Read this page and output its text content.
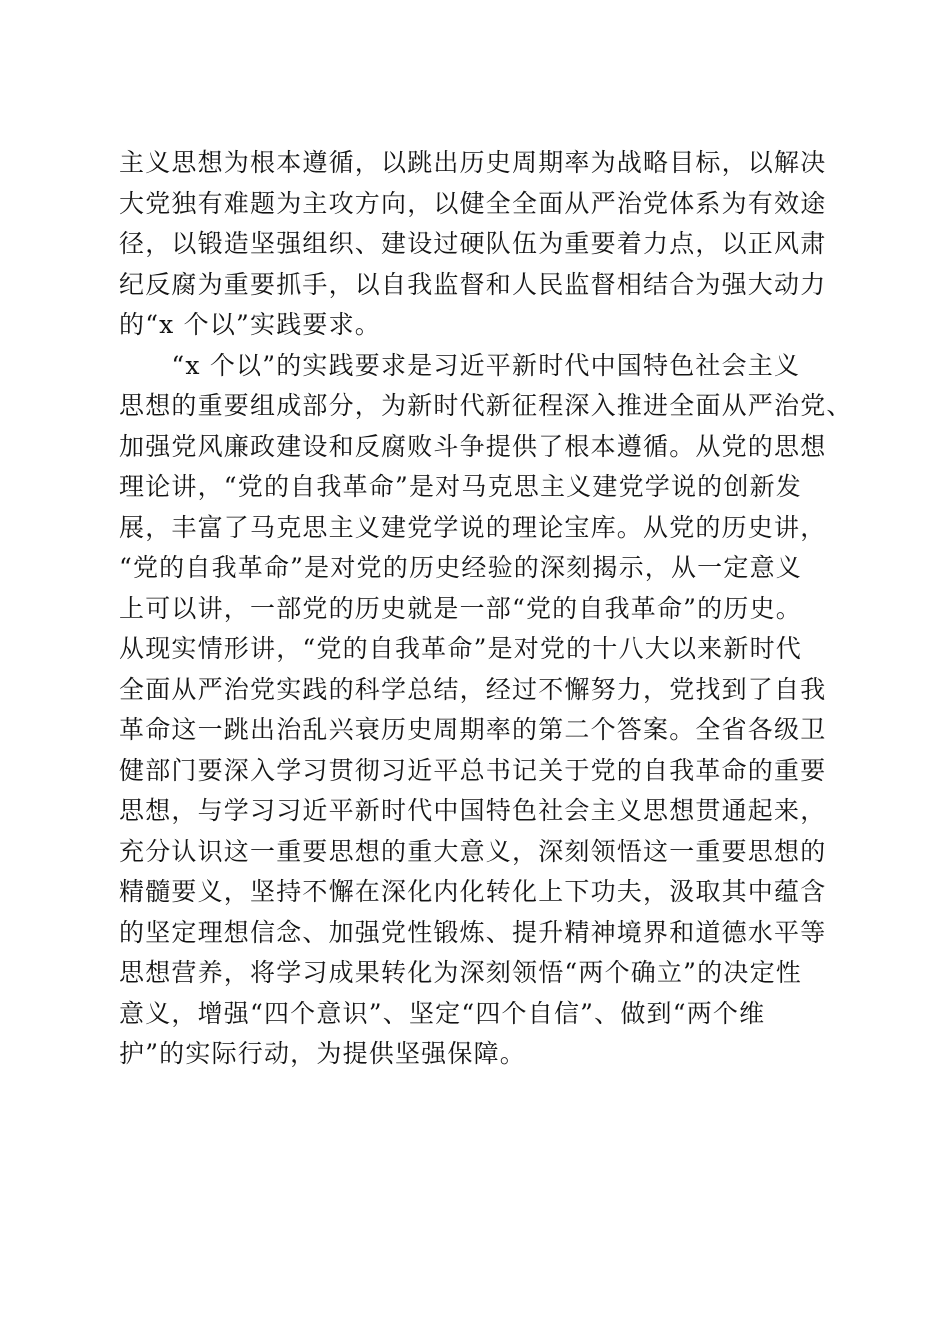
主义思想为根本遵循，以跳出历史周期率为战略目标，以解决
大党独有难题为主攻方向，以健全全面从严治党体系为有效途
径，以锻造坚强组织、建设过硬队伍为重要着力点，以正风肃
纪反腐为重要抓手，以自我监督和人民监督相结合为强大动力
的“x 个以”实践要求。
　　“x 个以”的实践要求是习近平新时代中国特色社会主义
思想的重要组成部分，为新时代新征程深入推进全面从严治党、
加强党风廉政建设和反腐败斗争提供了根本遵循。从党的思想
理论讲，“党的自我革命”是对马克思主义建党学说的创新发
展，丰富了马克思主义建党学说的理论宝库。从党的历史讲，
“党的自我革命”是对党的历史经验的深刻揭示，从一定意义
上可以讲，一部党的历史就是一部“党的自我革命”的历史。
从现实情形讲，“党的自我革命”是对党的十八大以来新时代
全面从严治党实践的科学总结，经过不懈努力，党找到了自我
革命这一跳出治乱兴衰历史周期率的第二个答案。全省各级卫
健部门要深入学习贯彻习近平总书记关于党的自我革命的重要
思想，与学习习近平新时代中国特色社会主义思想贯通起来，
充分认识这一重要思想的重大意义，深刻领悟这一重要思想的
精髓要义，坚持不懈在深化内化转化上下功夫，汲取其中蕴含
的坚定理想信念、加强党性锻炼、提升精神境界和道德水平等
思想营养，将学习成果转化为深刻领悟“两个确立”的决定性
意义，增强“四个意识”、坚定“四个自信”、做到“两个维
护”的实际行动，为提供坚强保障。
